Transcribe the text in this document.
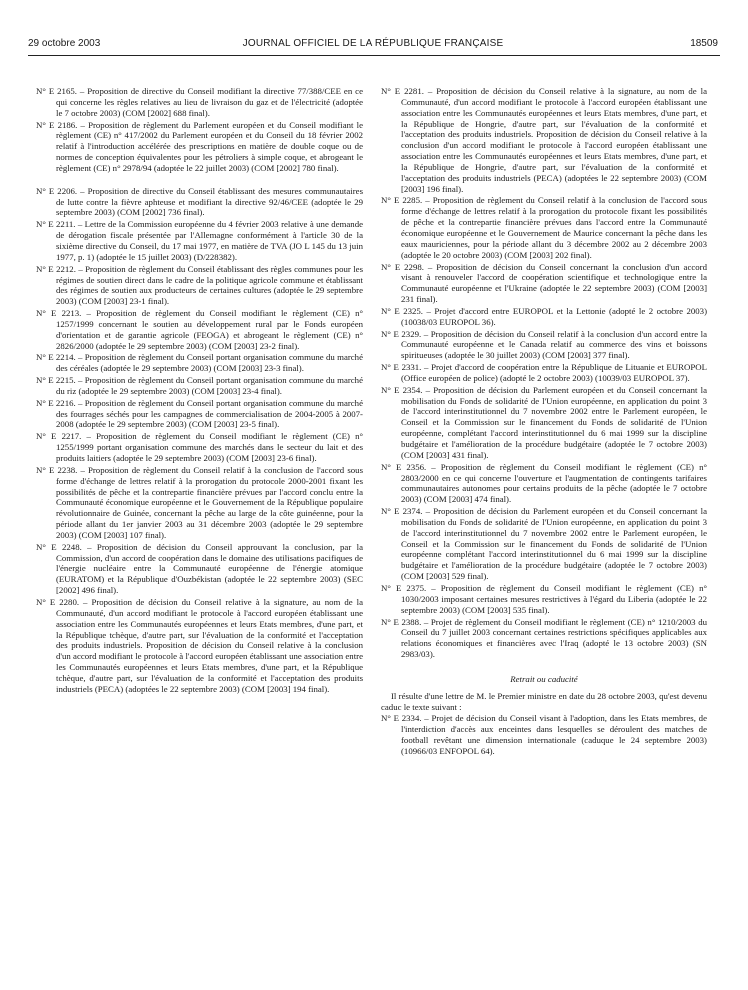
29 octobre 2003	JOURNAL OFFICIEL DE LA RÉPUBLIQUE FRANÇAISE	18509

N° E 2165. – Proposition de directive du Conseil modifiant la directive 77/388/CEE en ce qui concerne les règles relatives au lieu de livraison du gaz et de l'électricité (adoptée le 7 octobre 2003) (COM [2002] 688 final).

N° E 2186. – Proposition de règlement du Parlement européen et du Conseil modifiant le règlement (CE) n° 417/2002 du Parlement européen et du Conseil du 18 février 2002 relatif à l'introduction accélérée des prescriptions en matière de double coque ou de normes de conception équivalentes pour les pétroliers à simple coque, et abrogeant le règlement (CE) n° 2978/94 (adoptée le 22 juillet 2003) (COM [2002] 780 final).

N° E 2206. – Proposition de directive du Conseil établissant des mesures communautaires de lutte contre la fièvre aphteuse et modifiant la directive 92/46/CEE (adoptée le 29 septembre 2003) (COM [2002] 736 final).

N° E 2211. – Lettre de la Commission européenne du 4 février 2003 relative à une demande de dérogation fiscale présentée par l'Allemagne conformément à l'article 30 de la sixième directive du Conseil, du 17 mai 1977, en matière de TVA (JO L 145 du 13 juin 1977, p. 1) (adoptée le 15 juillet 2003) (D/228382).

N° E 2212. – Proposition de règlement du Conseil établissant des règles communes pour les régimes de soutien direct dans le cadre de la politique agricole commune et établissant des régimes de soutien aux producteurs de certaines cultures (adoptée le 29 septembre 2003) (COM [2003] 23-1 final).

N° E 2213. – Proposition de règlement du Conseil modifiant le règlement (CE) n° 1257/1999 concernant le soutien au développement rural par le Fonds européen d'orientation et de garantie agricole (FEOGA) et abrogeant le règlement (CE) n° 2826/2000 (adoptée le 29 septembre 2003) (COM [2003] 23-2 final).

N° E 2214. – Proposition de règlement du Conseil portant organisation commune du marché des céréales (adoptée le 29 septembre 2003) (COM [2003] 23-3 final).

N° E 2215. – Proposition de règlement du Conseil portant organisation commune du marché du riz (adoptée le 29 septembre 2003) (COM [2003] 23-4 final).

N° E 2216. – Proposition de règlement du Conseil portant organisation commune du marché des fourrages séchés pour les campagnes de commercialisation de 2004-2005 à 2007-2008 (adoptée le 29 septembre 2003) (COM [2003] 23-5 final).

N° E 2217. – Proposition de règlement du Conseil modifiant le règlement (CE) n° 1255/1999 portant organisation commune des marchés dans le secteur du lait et des produits laitiers (adoptée le 29 septembre 2003) (COM [2003] 23-6 final).

N° E 2238. – Proposition de règlement du Conseil relatif à la conclusion de l'accord sous forme d'échange de lettres relatif à la prorogation du protocole 2000-2001 fixant les possibilités de pêche et la contrepartie financière prévues par l'accord conclu entre la Communauté économique européenne et le Gouvernement de la République populaire révolutionnaire de Guinée, concernant la pêche au large de la côte guinéenne, pour la période allant du 1er janvier 2003 au 31 décembre 2003 (adoptée le 29 septembre 2003) (COM [2003] 107 final).

N° E 2248. – Proposition de décision du Conseil approuvant la conclusion, par la Commission, d'un accord de coopération dans le domaine des utilisations pacifiques de l'énergie nucléaire entre la Communauté européenne de l'énergie atomique (EURATOM) et la République d'Ouzbékistan (adoptée le 22 septembre 2003) (SEC [2002] 496 final).

N° E 2280. – Proposition de décision du Conseil relative à la signature, au nom de la Communauté, d'un accord modifiant le protocole à l'accord européen établissant une association entre les Communautés européennes et leurs Etats membres, d'une part, et la République tchèque, d'autre part, sur l'évaluation de la conformité et l'acceptation des produits industriels. Proposition de décision du Conseil relative à la conclusion d'un accord modifiant le protocole à l'accord européen établissant une association entre les Communautés européennes et leurs Etats membres, d'une part, et la République tchèque, d'autre part, sur l'évaluation de la conformité et l'acceptation des produits industriels (PECA) (adoptées le 22 septembre 2003) (COM [2003] 194 final).

N° E 2281. – Proposition de décision du Conseil relative à la signature, au nom de la Communauté, d'un accord modifiant le protocole à l'accord européen établissant une association entre les Communautés européennes et leurs Etats membres, d'une part, et la République de Hongrie, d'autre part, sur l'évaluation de la conformité et l'acceptation des produits industriels. Proposition de décision du Conseil relative à la conclusion d'un accord modifiant le protocole à l'accord européen établissant une association entre les Communautés européennes et leurs Etats membres, d'une part, et la République de Hongrie, d'autre part, sur l'évaluation de la conformité et l'acceptation des produits industriels (PECA) (adoptées le 22 septembre 2003) (COM [2003] 196 final).

N° E 2285. – Proposition de règlement du Conseil relatif à la conclusion de l'accord sous forme d'échange de lettres relatif à la prorogation du protocole fixant les possibilités de pêche et la contrepartie financière prévues dans l'accord entre la Communauté économique européenne et le Gouvernement de Maurice concernant la pêche dans les eaux mauriciennes, pour la période allant du 3 décembre 2002 au 2 décembre 2003 (adoptée le 20 octobre 2003) (COM [2003] 202 final).

N° E 2298. – Proposition de décision du Conseil concernant la conclusion d'un accord visant à renouveler l'accord de coopération scientifique et technologique entre la Communauté européenne et l'Ukraine (adoptée le 22 septembre 2003) (COM [2003] 231 final).

N° E 2325. – Projet d'accord entre EUROPOL et la Lettonie (adopté le 2 octobre 2003) (10038/03 EUROPOL 36).

N° E 2329. – Proposition de décision du Conseil relatif à la conclusion d'un accord entre la Communauté européenne et le Canada relatif au commerce des vins et boissons spiritueuses (adoptée le 30 juillet 2003) (COM [2003] 377 final).

N° E 2331. – Projet d'accord de coopération entre la République de Lituanie et EUROPOL (Office européen de police) (adopté le 2 octobre 2003) (10039/03 EUROPOL 37).

N° E 2354. – Proposition de décision du Parlement européen et du Conseil concernant la mobilisation du Fonds de solidarité de l'Union européenne, en application du point 3 de l'accord interinstitutionnel du 7 novembre 2002 entre le Parlement européen, le Conseil et la Commission sur le financement du Fonds de solidarité de l'Union européenne, complétant l'accord interinstitutionnel du 6 mai 1999 sur la discipline budgétaire et l'amélioration de la procédure budgétaire (adoptée le 7 octobre 2003) (COM [2003] 431 final).

N° E 2356. – Proposition de règlement du Conseil modifiant le règlement (CE) n° 2803/2000 en ce qui concerne l'ouverture et l'augmentation de contingents tarifaires communautaires autonomes pour certains produits de la pêche (adoptée le 7 octobre 2003) (COM [2003] 474 final).

N° E 2374. – Proposition de décision du Parlement européen et du Conseil concernant la mobilisation du Fonds de solidarité de l'Union européenne, en application du point 3 de l'accord interinstitutionnel du 7 novembre 2002 entre le Parlement européen, le Conseil et la Commission sur le financement du Fonds de solidarité de l'Union européenne complétant l'accord interinstitutionnel du 6 mai 1999 sur la discipline budgétaire et l'amélioration de la procédure budgétaire (adoptée le 7 octobre 2003) (COM [2003] 529 final).

N° E 2375. – Proposition de règlement du Conseil modifiant le règlement (CE) n° 1030/2003 imposant certaines mesures restrictives à l'égard du Liberia (adoptée le 22 septembre 2003) (COM [2003] 535 final).

N° E 2388. – Projet de règlement du Conseil modifiant le règlement (CE) n° 1210/2003 du Conseil du 7 juillet 2003 concernant certaines restrictions spécifiques applicables aux relations économiques et financières avec l'Iraq (adopté le 13 octobre 2003) (SN 2983/03).

Retrait ou caducité

Il résulte d'une lettre de M. le Premier ministre en date du 28 octobre 2003, qu'est devenu caduc le texte suivant :

N° E 2334. – Projet de décision du Conseil visant à l'adoption, dans les Etats membres, de l'interdiction d'accès aux enceintes dans lesquelles se déroulent des matches de football revêtant une dimension internationale (caduque le 24 septembre 2003) (10966/03 ENFOPOL 64).
